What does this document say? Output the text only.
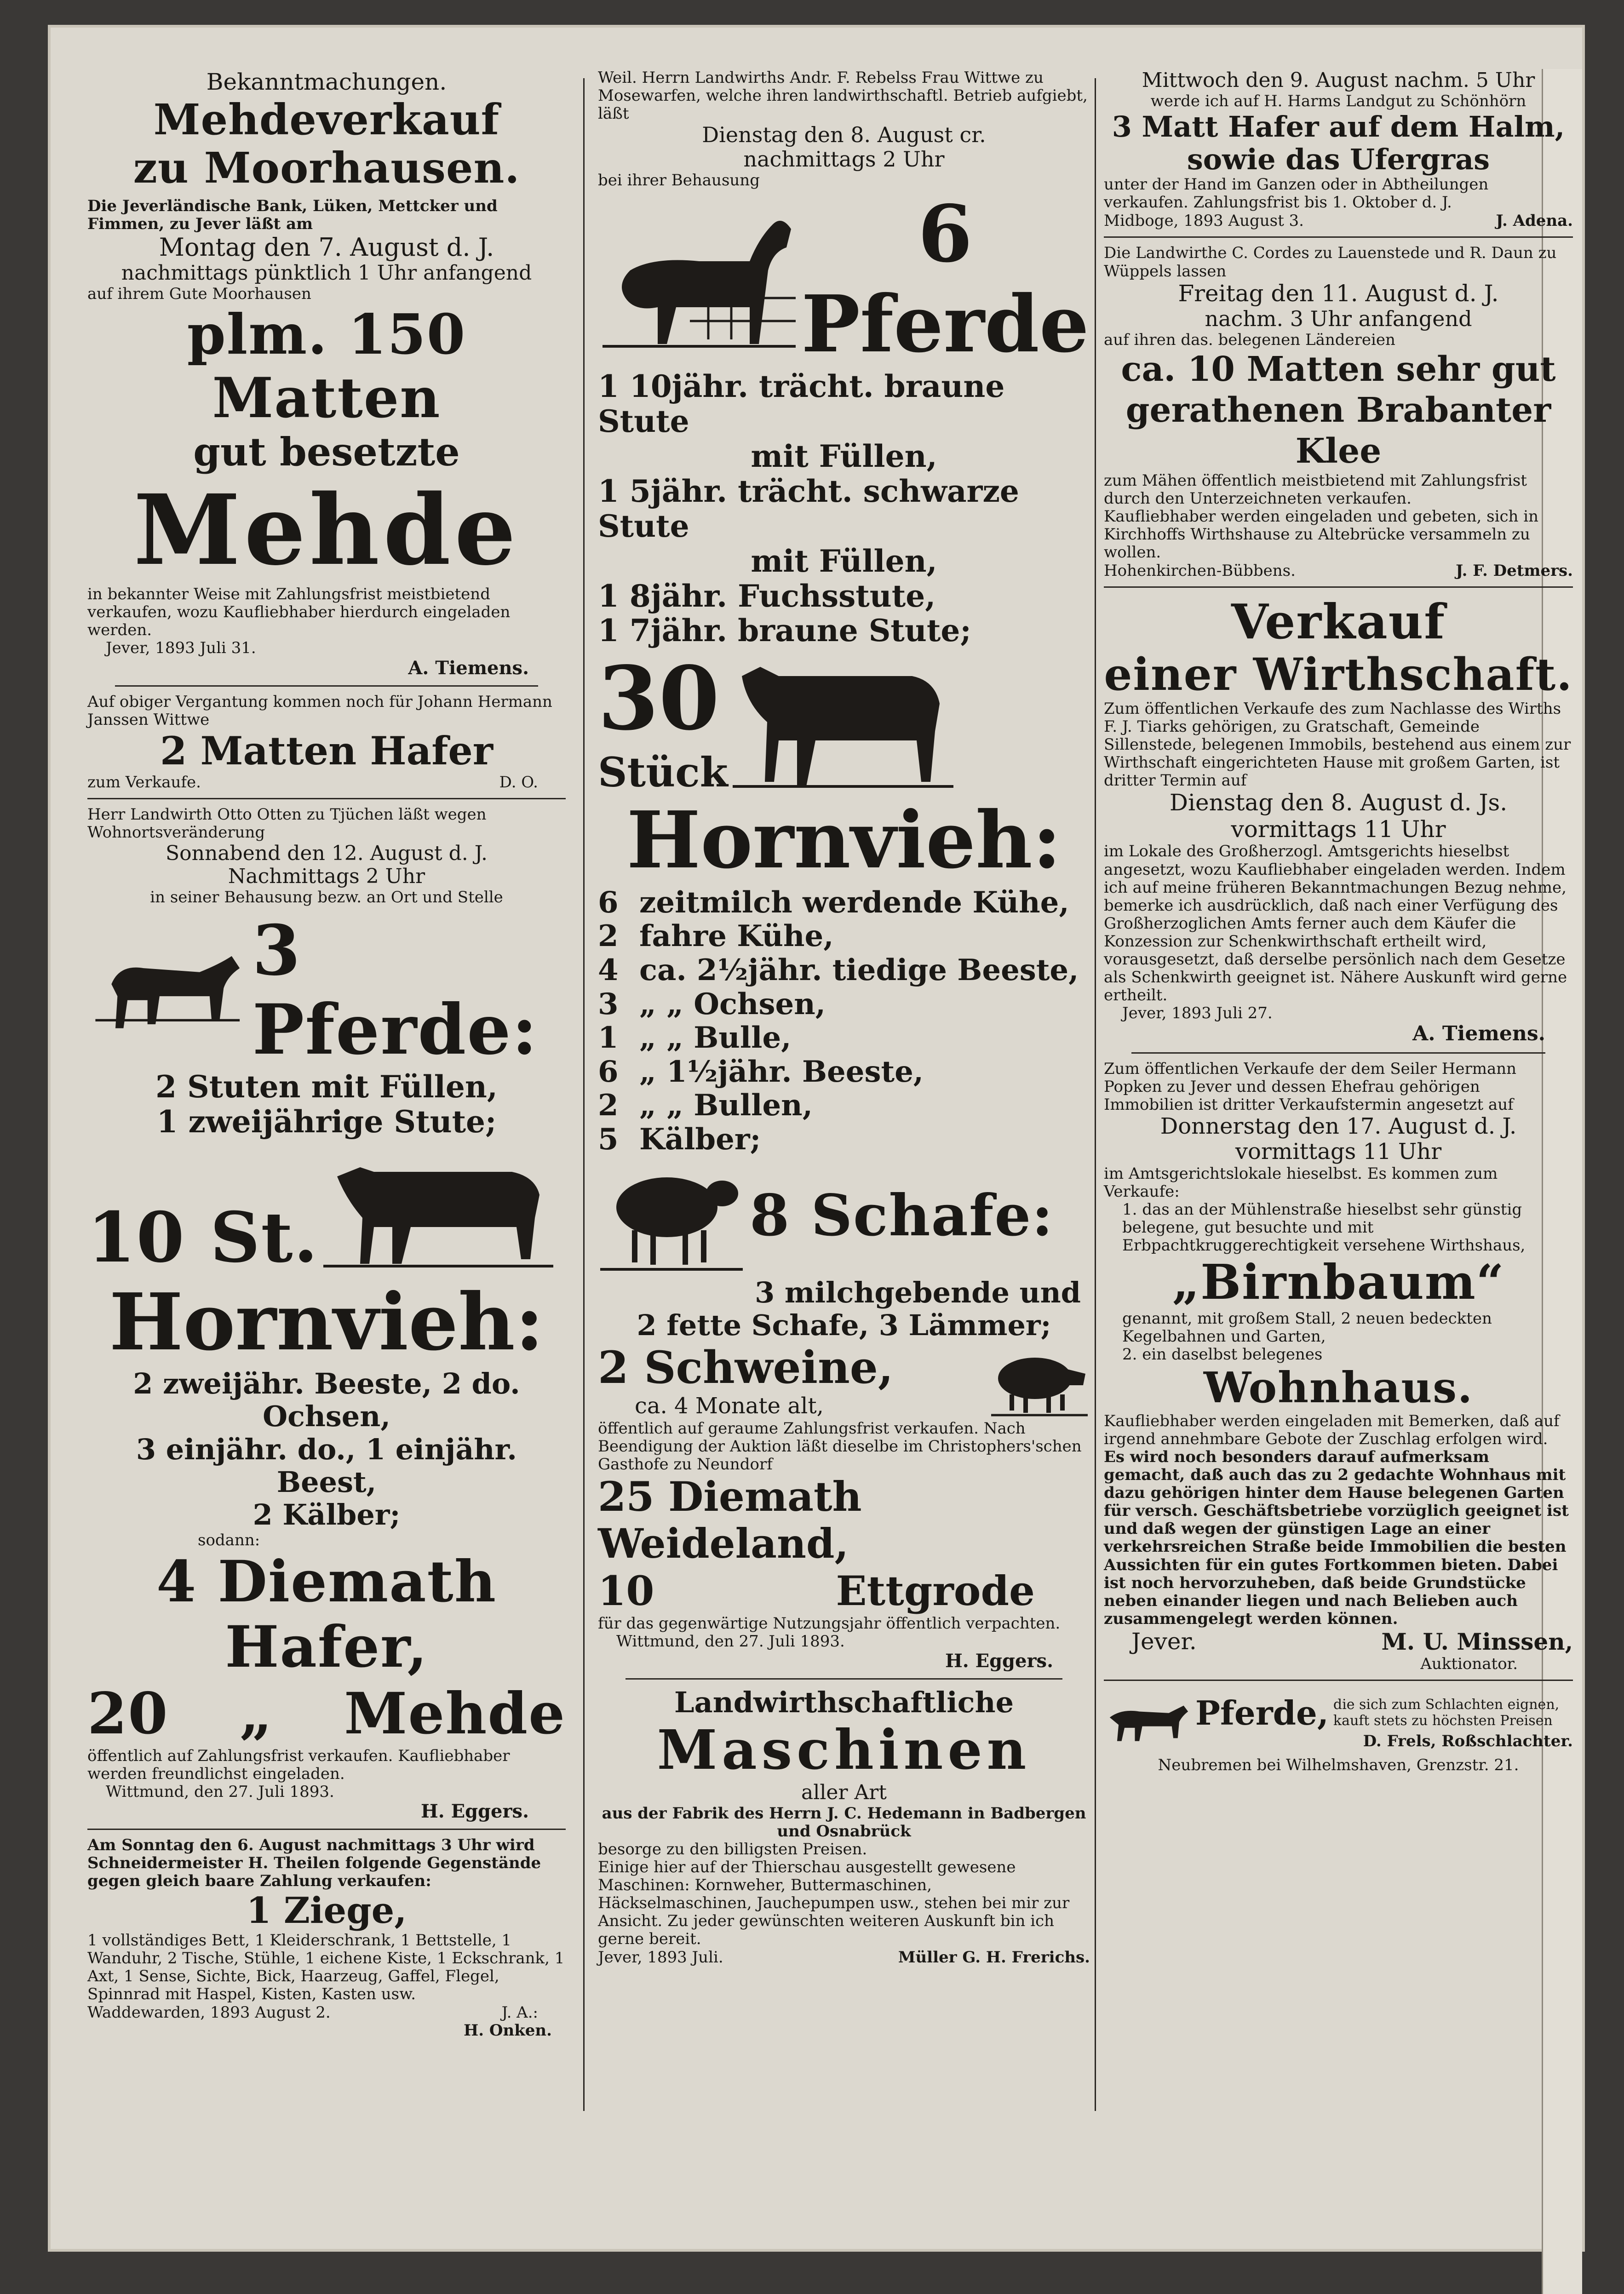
Bekanntmachungen.

Mehdeverkauf

zu Moorhausen.

Die Jeverländische Bank, Lüken, Mettcker und Fimmen, zu Jever läßt am

Montag den 7. August d. J.

nachmittags pünktlich 1 Uhr anfangend

auf ihrem Gute Moorhausen

plm. 150 Matten

gut besetzte

Mehde

in bekannter Weise mit Zahlungsfrist meistbietend verkaufen, wozu Kaufliebhaber hierdurch eingeladen werden.

Jever, 1893 Juli 31.

A. Tiemens.

Auf obiger Vergantung kommen noch für Johann Hermann Janssen Wittwe

2 Matten Hafer

zum Verkaufe.	D. O.

Herr Landwirth Otto Otten zu Tjüchen läßt wegen Wohnortsveränderung

Sonnabend den 12. August d. J.

Nachmittags 2 Uhr

in seiner Behausung bezw. an Ort und Stelle

3 Pferde:

2 Stuten mit Füllen,

1 zweijährige Stute;

10 St.

Hornvieh:

2 zweijähr. Beeste, 2 do. Ochsen,

3 einjähr. do., 1 einjähr. Beest,

2 Kälber;

sodann:

4 Diemath Hafer,

20 „ Mehde

öffentlich auf Zahlungsfrist verkaufen. Kaufliebhaber werden freundlichst eingeladen.

Wittmund, den 27. Juli 1893.

H. Eggers.

Am Sonntag den 6. August nachmittags 3 Uhr wird Schneidermeister H. Theilen folgende Gegenstände gegen gleich baare Zahlung verkaufen:

1 Ziege,

1 vollständiges Bett, 1 Kleiderschrank, 1 Bettstelle, 1 Wanduhr, 2 Tische, Stühle, 1 eichene Kiste, 1 Eckschrank, 1 Axt, 1 Sense, Sichte, Bick, Haarzeug, Gaffel, Flegel, Spinnrad mit Haspel, Kisten, Kasten usw.

Waddewarden, 1893 August 2.	J. A.:

H. Onken.

Weil. Herrn Landwirths Andr. F. Rebelss Frau Wittwe zu Mosewarfen, welche ihren landwirthschaftl. Betrieb aufgiebt, läßt

Dienstag den 8. August cr.

nachmittags 2 Uhr

bei ihrer Behausung

6

Pferde

1 10jähr. trächt. braune Stute

mit Füllen,

1 5jähr. trächt. schwarze Stute

mit Füllen,

1 8jähr. Fuchsstute,

1 7jähr. braune Stute;

30

Stück

Hornvieh:

6 zeitmilch werdende Kühe,
2 fahre Kühe,
4 ca. 2½jähr. tiedige Beeste,
3 „ „ Ochsen,
1 „ „ Bulle,
6 „ 1½jähr. Beeste,
2 „ „ Bullen,
5 Kälber;

8 Schafe:

3 milchgebende und

2 fette Schafe, 3 Lämmer;

2 Schweine,

ca. 4 Monate alt,

öffentlich auf geraume Zahlungsfrist verkaufen. Nach Beendigung der Auktion läßt dieselbe im Christophers'schen Gasthofe zu Neundorf

25 Diemath Weideland,

10	Ettgrode

für das gegenwärtige Nutzungsjahr öffentlich verpachten.

Wittmund, den 27. Juli 1893.

H. Eggers.

Landwirthschaftliche

Maschinen

aller Art

aus der Fabrik des Herrn J. C. Hedemann in Badbergen und Osnabrück

besorge zu den billigsten Preisen.

Einige hier auf der Thierschau ausgestellt gewesene Maschinen: Kornweher, Buttermaschinen, Häckselmaschinen, Jauchepumpen usw., stehen bei mir zur Ansicht. Zu jeder gewünschten weiteren Auskunft bin ich gerne bereit.

Jever, 1893 Juli.	Müller G. H. Frerichs.

Mittwoch den 9. August nachm. 5 Uhr

werde ich auf H. Harms Landgut zu Schönhörn

3 Matt Hafer auf dem Halm,

sowie das Ufergras

unter der Hand im Ganzen oder in Abtheilungen verkaufen. Zahlungsfrist bis 1. Oktober d. J.

Midboge, 1893 August 3.	J. Adena.

Die Landwirthe C. Cordes zu Lauenstede und R. Daun zu Wüppels lassen

Freitag den 11. August d. J.

nachm. 3 Uhr anfangend

auf ihren das. belegenen Ländereien

ca. 10 Matten sehr gut gerathenen Brabanter Klee

zum Mähen öffentlich meistbietend mit Zahlungsfrist durch den Unterzeichneten verkaufen.

Kaufliebhaber werden eingeladen und gebeten, sich in Kirchhoffs Wirthshause zu Altebrücke versammeln zu wollen.

Hohenkirchen-Bübbens.	J. F. Detmers.

Verkauf

einer Wirthschaft.

Zum öffentlichen Verkaufe des zum Nachlasse des Wirths F. J. Tiarks gehörigen, zu Gratschaft, Gemeinde Sillenstede, belegenen Immobils, bestehend aus einem zur Wirthschaft eingerichteten Hause mit großem Garten, ist dritter Termin auf

Dienstag den 8. August d. Js.

vormittags 11 Uhr

im Lokale des Großherzogl. Amtsgerichts hieselbst angesetzt, wozu Kaufliebhaber eingeladen werden. Indem ich auf meine früheren Bekanntmachungen Bezug nehme, bemerke ich ausdrücklich, daß nach einer Verfügung des Großherzoglichen Amts ferner auch dem Käufer die Konzession zur Schenkwirthschaft ertheilt wird, vorausgesetzt, daß derselbe persönlich nach dem Gesetze als Schenkwirth geeignet ist. Nähere Auskunft wird gerne ertheilt.

Jever, 1893 Juli 27.

A. Tiemens.

Zum öffentlichen Verkaufe der dem Seiler Hermann Popken zu Jever und dessen Ehefrau gehörigen Immobilien ist dritter Verkaufstermin angesetzt auf

Donnerstag den 17. August d. J.

vormittags 11 Uhr

im Amtsgerichtslokale hieselbst. Es kommen zum Verkaufe:

1. das an der Mühlenstraße hieselbst sehr günstig belegene, gut besuchte und mit Erbpachtkruggerechtigkeit versehene Wirthshaus,

„Birnbaum“

genannt, mit großem Stall, 2 neuen bedeckten Kegelbahnen und Garten,

2. ein daselbst belegenes

Wohnhaus.

Kaufliebhaber werden eingeladen mit Bemerken, daß auf irgend annehmbare Gebote der Zuschlag erfolgen wird.

Es wird noch besonders darauf aufmerksam gemacht, daß auch das zu 2 gedachte Wohnhaus mit dazu gehörigen hinter dem Hause belegenen Garten für versch. Geschäftsbetriebe vorzüglich geeignet ist und daß wegen der günstigen Lage an einer verkehrsreichen Straße beide Immobilien die besten Aussichten für ein gutes Fortkommen bieten. Dabei ist noch hervorzuheben, daß beide Grundstücke neben einander liegen und nach Belieben auch zusammengelegt werden können.

Jever.	M. U. Minssen,

Auktionator.

Pferde, die sich zum Schlachten eignen, kauft stets zu höchsten Preisen

D. Frels, Roßschlachter.

Neubremen bei Wilhelmshaven, Grenzstr. 21.
